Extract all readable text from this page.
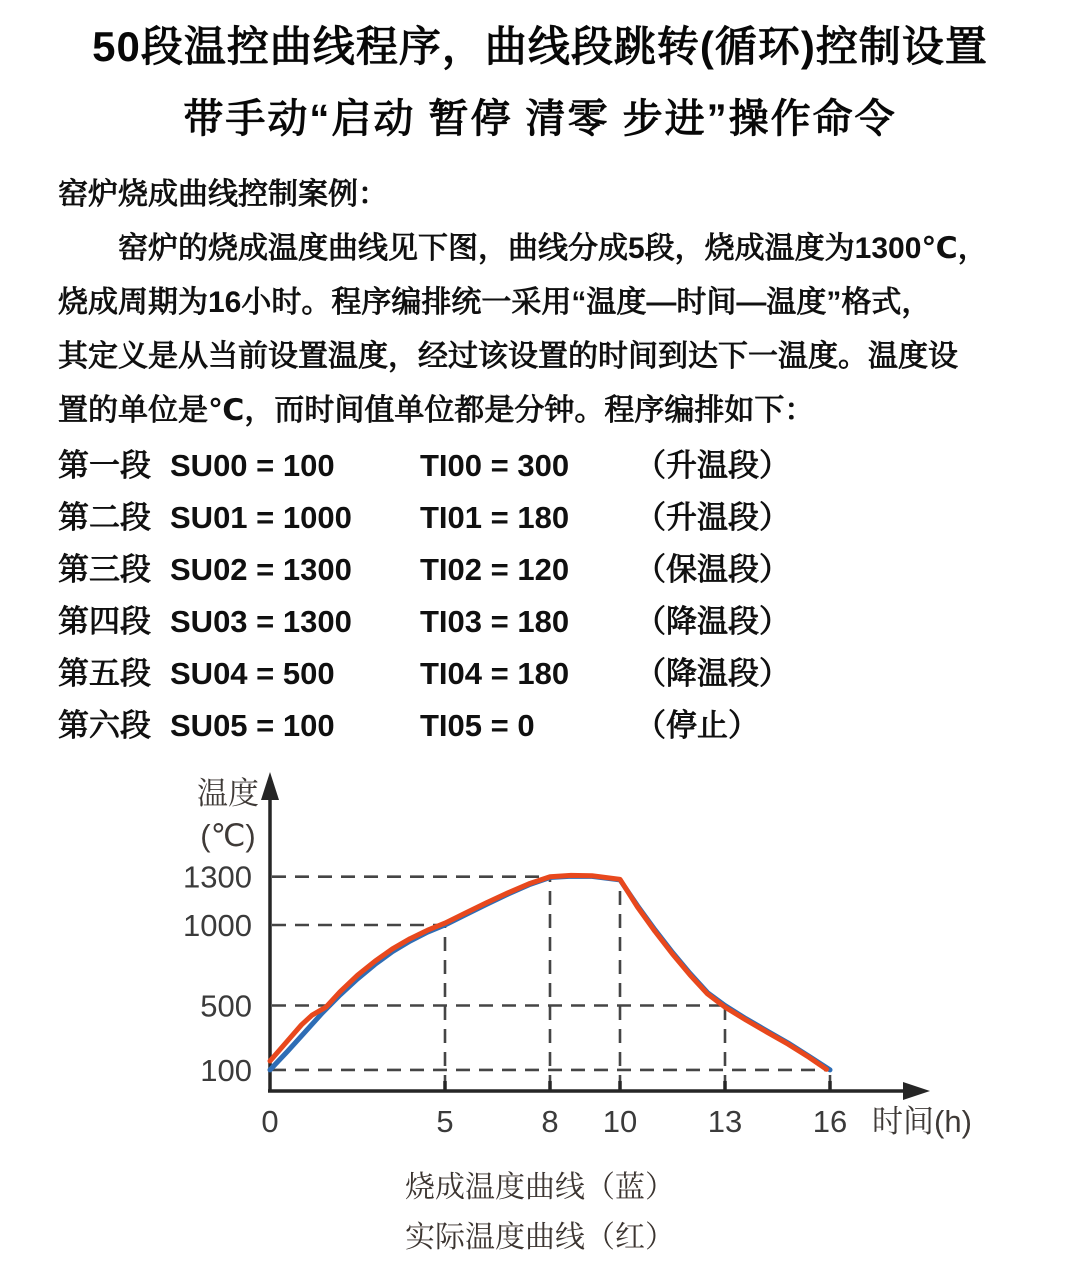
50段温控曲线程序，曲线段跳转(循环)控制设置
带手动“启动 暂停 清零 步进”操作命令
窑炉烧成曲线控制案例：
窑炉的烧成温度曲线见下图，曲线分成5段，烧成温度为1300℃，
烧成周期为16小时。程序编排统一采用“温度—时间—温度”格式，
其定义是从当前设置温度，经过该设置的时间到达下一温度。温度设
置的单位是℃，而时间值单位都是分钟。程序编排如下：
第一段 SU00 = 100	TI00 = 300	（升温段）
第二段 SU01 = 1000	TI01 = 180	（升温段）
第三段 SU02 = 1300	TI02 = 120	（保温段）
第四段 SU03 = 1300	TI03 = 180	（降温段）
第五段 SU04 = 500	TI04 = 180	（降温段）
第六段 SU05 = 100	TI05 = 0	（停止）
0	5	8 10 13 16
100
500
1000
1300
温度
(℃)
时间(h)
烧成温度曲线（蓝）
实际温度曲线（红）
